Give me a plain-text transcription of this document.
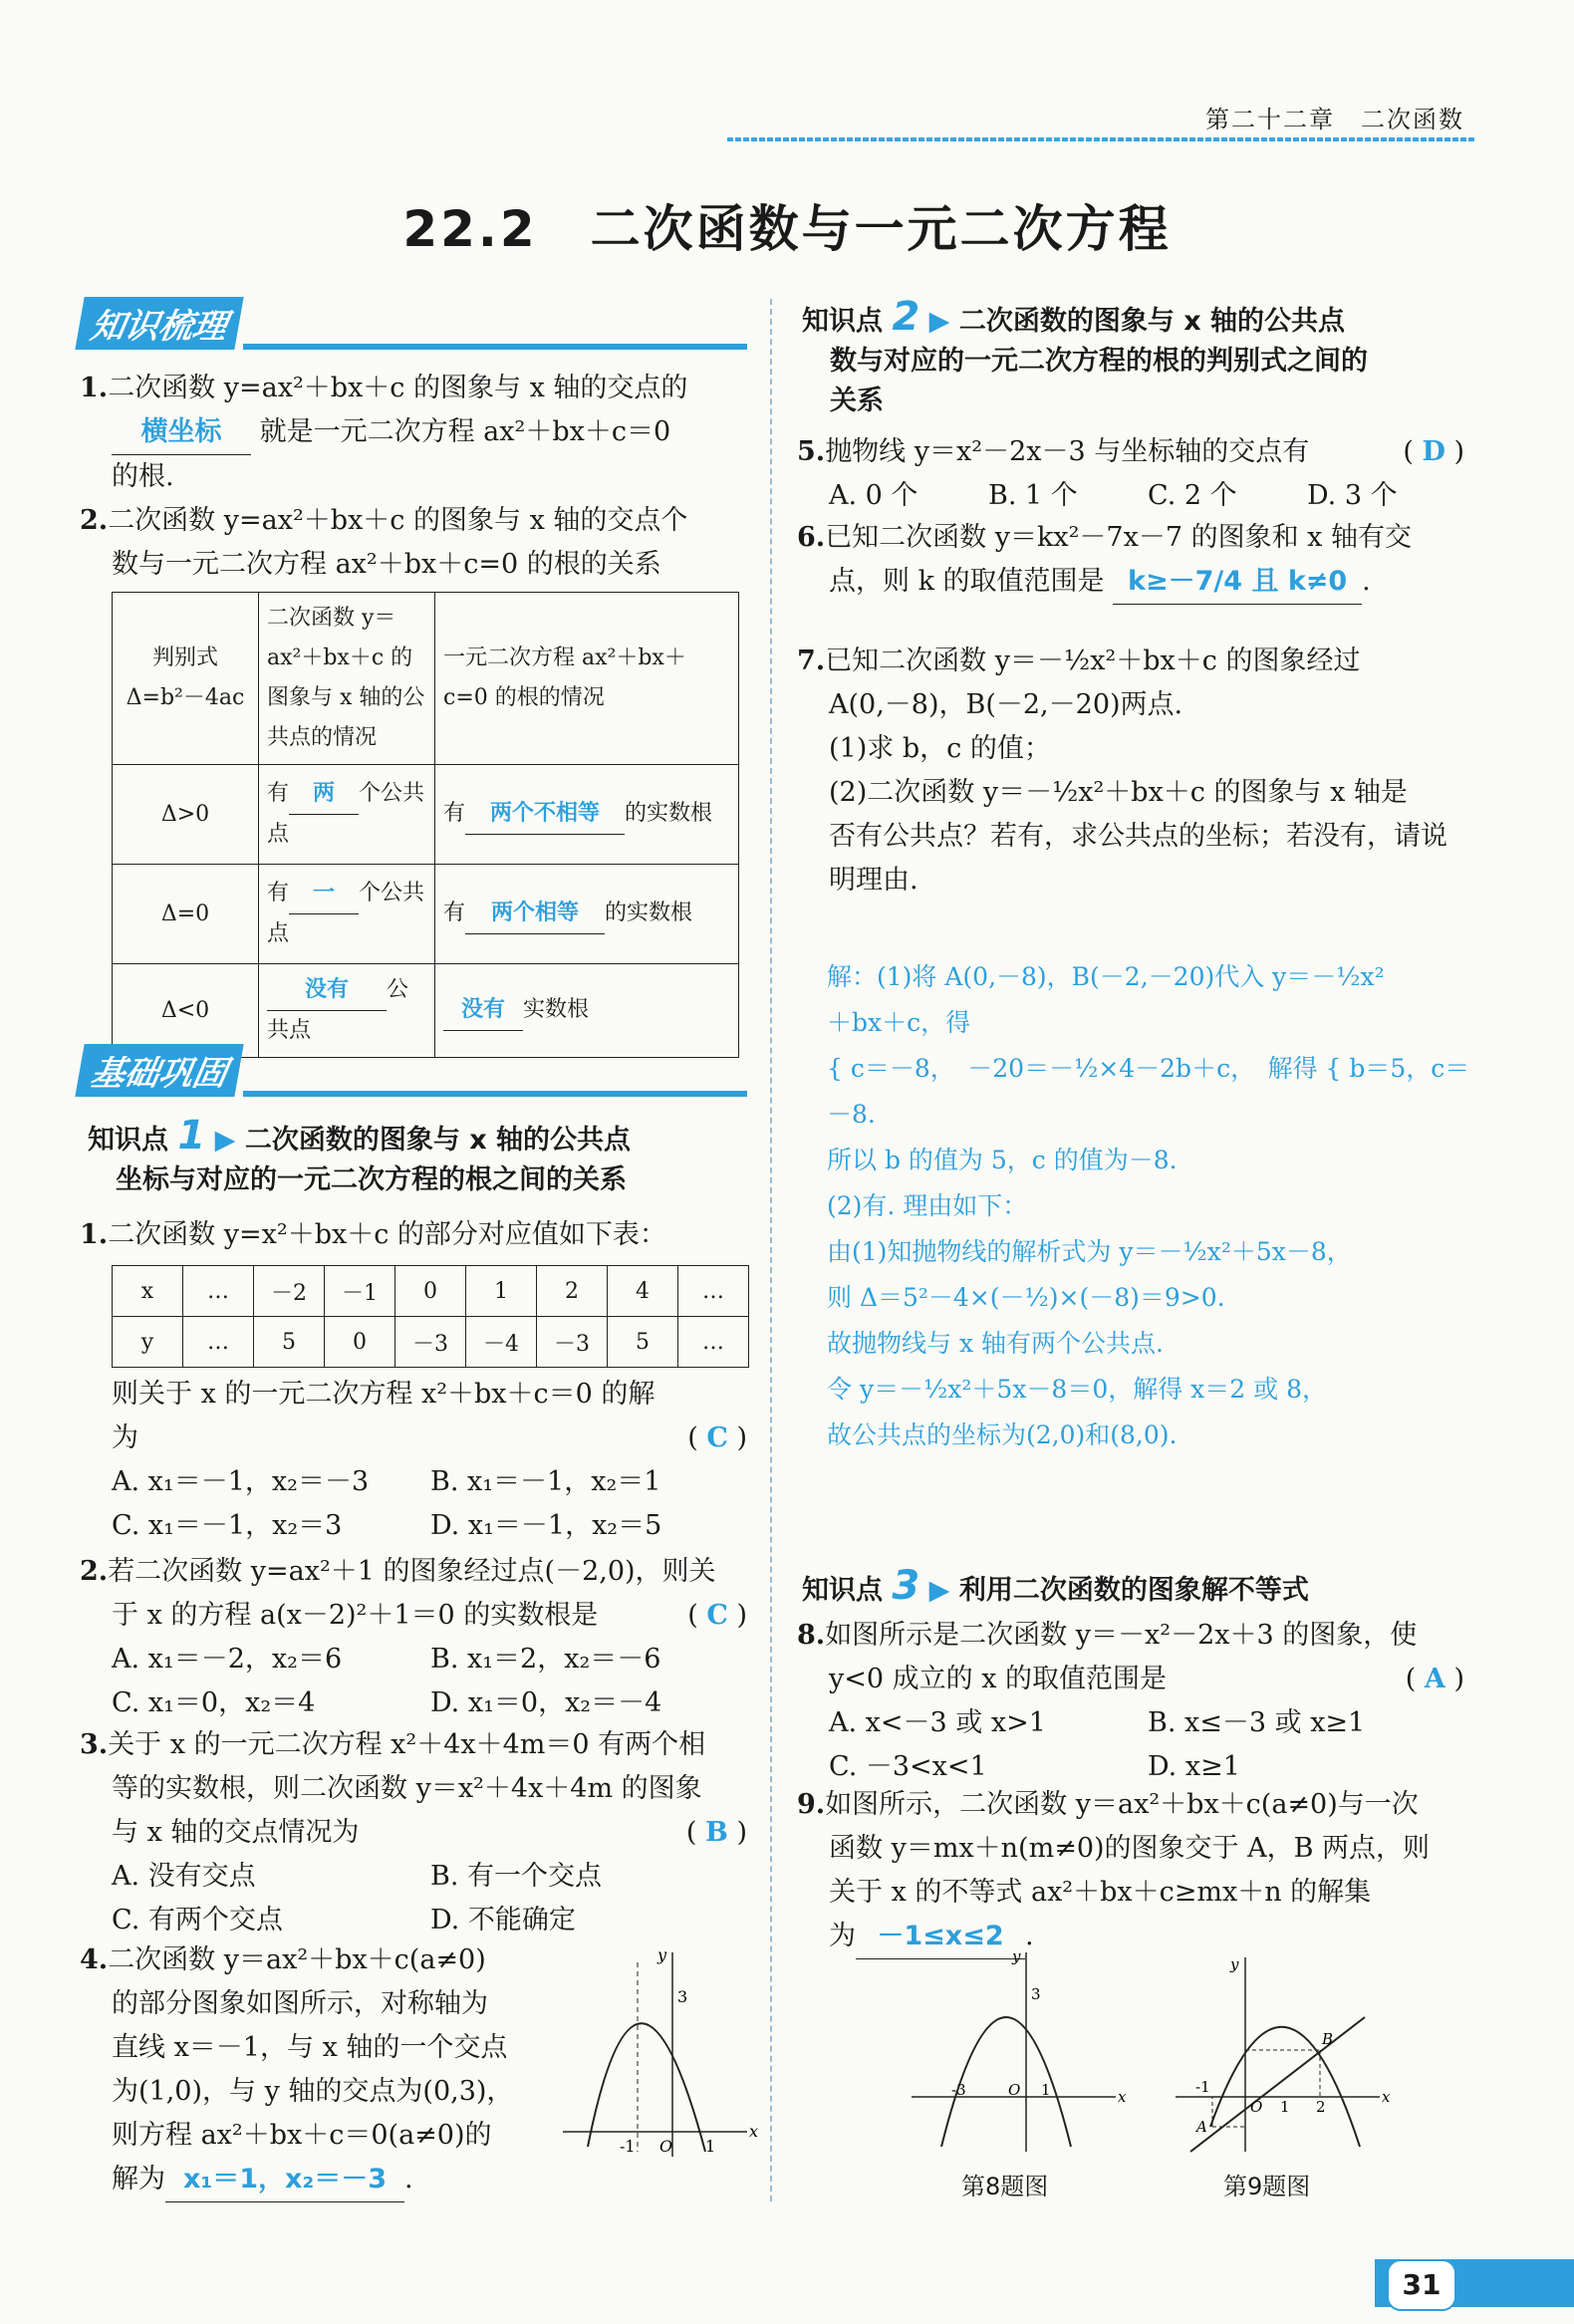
第二十二章　二次函数
22.2　二次函数与一元二次方程
知识梳理
1.二次函数 y=ax²＋bx＋c 的图象与 x 轴的交点的
横坐标 就是一元二次方程 ax²＋bx＋c＝0
的根.
2.二次函数 y=ax²＋bx＋c 的图象与 x 轴的交点个
数与一元二次方程 ax²＋bx＋c=0 的根的关系
判别式
Δ=b²－4ac	二次函数 y＝ax²＋bx＋c 的图象与 x 轴的公共点的情况	一元二次方程 ax²＋bx＋c=0 的根的情况
Δ>0	有 两 个公共点	有 两个不相等 的实数根
Δ=0	有 一 个公共点	有 两个相等 的实数根
Δ<0	没有 公共点	没有 实数根
基础巩固
知识点 1 ▶ 二次函数的图象与 x 轴的公共点
坐标与对应的一元二次方程的根之间的关系
1.二次函数 y=x²＋bx＋c 的部分对应值如下表：
x	…	－2	－1	0	1	2	4	…
y	…	5	0	－3	－4	－3	5	…
则关于 x 的一元二次方程 x²＋bx＋c＝0 的解
为	( C )
A. x₁＝－1，x₂＝－3	B. x₁＝－1，x₂＝1
C. x₁＝－1，x₂＝3	D. x₁＝－1，x₂＝5
2.若二次函数 y=ax²＋1 的图象经过点(－2,0)，则关
于 x 的方程 a(x－2)²＋1＝0 的实数根是	( C )
A. x₁＝－2，x₂＝6	B. x₁＝2，x₂＝－6
C. x₁＝0，x₂＝4	D. x₁＝0，x₂＝－4
3.关于 x 的一元二次方程 x²＋4x＋4m＝0 有两个相
等的实数根，则二次函数 y＝x²＋4x＋4m 的图象
与 x 轴的交点情况为	( B )
A. 没有交点	B. 有一个交点
C. 有两个交点	D. 不能确定
4.二次函数 y＝ax²＋bx＋c(a≠0)
的部分图象如图所示，对称轴为
直线 x＝－1，与 x 轴的一个交点
为(1,0)，与 y 轴的交点为(0,3)，
则方程 ax²＋bx＋c＝0(a≠0)的
解为 x₁＝1，x₂＝－3 .
x
y
3
-1 O 1
知识点 2 ▶ 二次函数的图象与 x 轴的公共点
数与对应的一元二次方程的根的判别式之间的
关系
5.抛物线 y＝x²－2x－3 与坐标轴的交点有	( D )
A. 0 个	B. 1 个	C. 2 个	D. 3 个
6.已知二次函数 y＝kx²－7x－7 的图象和 x 轴有交
点，则 k 的取值范围是 k≥－7/4 且 k≠0 .
7.已知二次函数 y＝－½x²＋bx＋c 的图象经过
A(0,－8)，B(－2,－20)两点.
(1)求 b，c 的值；
(2)二次函数 y＝－½x²＋bx＋c 的图象与 x 轴是
否有公共点？若有，求公共点的坐标；若没有，请说
明理由.
解：(1)将 A(0,－8)，B(－2,－20)代入 y＝－½x²
＋bx＋c，得
{ c＝－8，　－20＝－½×4－2b＋c，　解得 { b＝5，c＝－8.
所以 b 的值为 5，c 的值为－8.
(2)有. 理由如下：
由(1)知抛物线的解析式为 y＝－½x²＋5x－8，
则 Δ＝5²－4×(－½)×(－8)＝9>0.
故抛物线与 x 轴有两个公共点.
令 y＝－½x²＋5x－8＝0，解得 x＝2 或 8，
故公共点的坐标为(2,0)和(8,0).
知识点 3 ▶ 利用二次函数的图象解不等式
8.如图所示是二次函数 y＝－x²－2x＋3 的图象，使
y<0 成立的 x 的取值范围是	( A )
A. x<－3 或 x>1	B. x≤－3 或 x≥1
C. －3<x<1	D. x≥1
9.如图所示，二次函数 y＝ax²＋bx＋c(a≠0)与一次
函数 y＝mx＋n(m≠0)的图象交于 A，B 两点，则
关于 x 的不等式 ax²＋bx＋c≥mx＋n 的解集
为 －1≤x≤2 .
x
y
3
-3	O 1
第8题图
x
y
-1
O 1 2
A
B
第9题图
31
